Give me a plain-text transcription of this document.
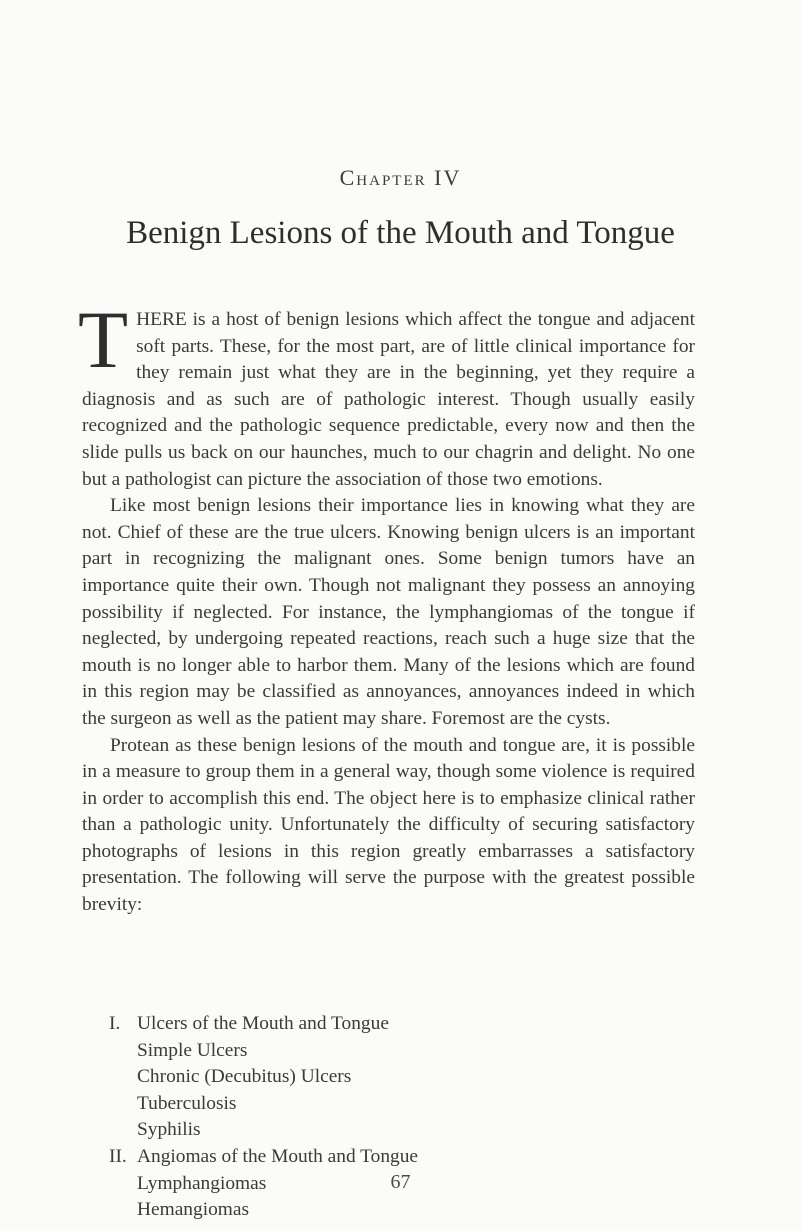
Chapter IV
Benign Lesions of the Mouth and Tongue

THERE is a host of benign lesions which affect the tongue and adjacent soft parts. These, for the most part, are of little clinical importance for they remain just what they are in the beginning, yet they require a diagnosis and as such are of pathologic interest. Though usually easily recognized and the pathologic sequence predictable, every now and then the slide pulls us back on our haunches, much to our chagrin and delight. No one but a pathologist can picture the association of those two emotions.

Like most benign lesions their importance lies in knowing what they are not. Chief of these are the true ulcers. Knowing benign ulcers is an important part in recognizing the malignant ones. Some benign tumors have an importance quite their own. Though not malignant they possess an annoying possibility if neglected. For instance, the lymphangiomas of the tongue if neglected, by undergoing repeated reactions, reach such a huge size that the mouth is no longer able to harbor them. Many of the lesions which are found in this region may be classified as annoyances, annoyances indeed in which the surgeon as well as the patient may share. Foremost are the cysts.

Protean as these benign lesions of the mouth and tongue are, it is possible in a measure to group them in a general way, though some violence is required in order to accomplish this end. The object here is to emphasize clinical rather than a pathologic unity. Unfortunately the difficulty of securing satisfactory photographs of lesions in this region greatly embarrasses a satisfactory presentation. The following will serve the purpose with the greatest possible brevity:

I. Ulcers of the Mouth and Tongue
Simple Ulcers
Chronic (Decubitus) Ulcers
Tuberculosis
Syphilis
II. Angiomas of the Mouth and Tongue
Lymphangiomas
Hemangiomas
67
